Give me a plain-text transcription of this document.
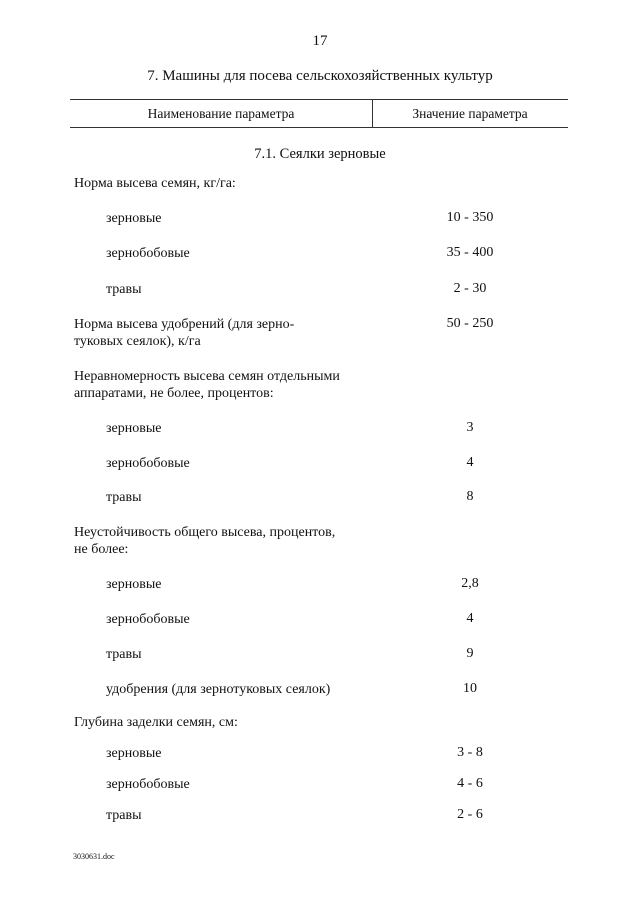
17
7. Машины для посева сельскохозяйственных культур
Наименование параметра	Значение параметра
7.1. Сеялки зерновые
Норма высева семян, кг/га:
зерновые	10 - 350
зернобобовые	35 - 400
травы	2 - 30
Норма высева удобрений (для зерно-
туковых сеялок), к/га
50 - 250
Неравномерность высева семян отдельными
аппаратами, не более, процентов:
зерновые	3
зернобобовые	4
травы	8
Неустойчивость общего высева, процентов,
не более:
зерновые	2,8
зернобобовые	4
травы	9
удобрения (для зернотуковых сеялок)	10
Глубина заделки семян, см:
зерновые	3 - 8
зернобобовые	4 - 6
травы	2 - 6
3030631.doc
